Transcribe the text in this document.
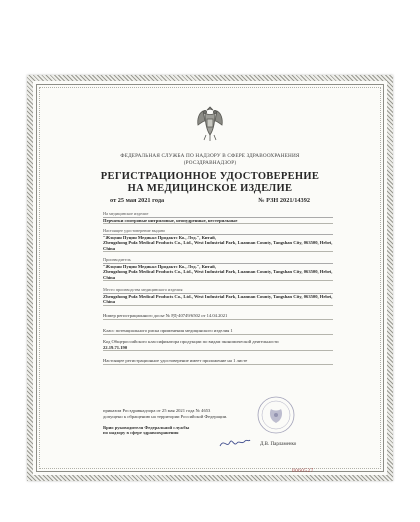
ФЕДЕРАЛЬНАЯ СЛУЖБА ПО НАДЗОРУ В СФЕРЕ ЗДРАВООХРАНЕНИЯ (РОСЗДРАВНАДЗОР)
РЕГИСТРАЦИОННОЕ УДОСТОВЕРЕНИЕ
НА МЕДИЦИНСКОЕ ИЗДЕЛИЕ
от 25 мая 2021 года	№ РЗН 2021/14392
На медицинское изделие
Перчатки смотровые нитриловые, неопудренные, нестерильные
Настоящее удостоверение выдано
"Жэцзян Пуцин Медикал Продактс Ко., Лтд.", Китай,
Zhengzhong Pufa Medical Products Co., Ltd., West Industrial Park, Luannan County, Tangshan City, 063500, Hebei, China
Производитель
"Жэцзян Пуцин Медикал Продактс Ко., Лтд.", Китай,
Zhengzhong Pufa Medical Products Co., Ltd., West Industrial Park, Luannan County, Tangshan City, 063500, Hebei, China
Место производства медицинского изделия
Zhengzhong Pufa Medical Products Co., Ltd., West Industrial Park, Luannan County, Tangshan City, 063500, Hebei, China
Номер регистрационного досье № РД-40749/6502 от 14.04.2021
Класс потенциального риска применения медицинского изделия 1
Код Общероссийского классификатора продукции по видам экономической деятельности
22.19.71.190
Настоящее регистрационное удостоверение имеет приложение на 1 листе
приказом Росздравнадзора от 25 мая 2021 года № 4653
допущено к обращению на территории Российской Федерации.
Врио руководителя Федеральной службы
по надзору в сфере здравоохранения
Д.В. Парламенко
0060527
